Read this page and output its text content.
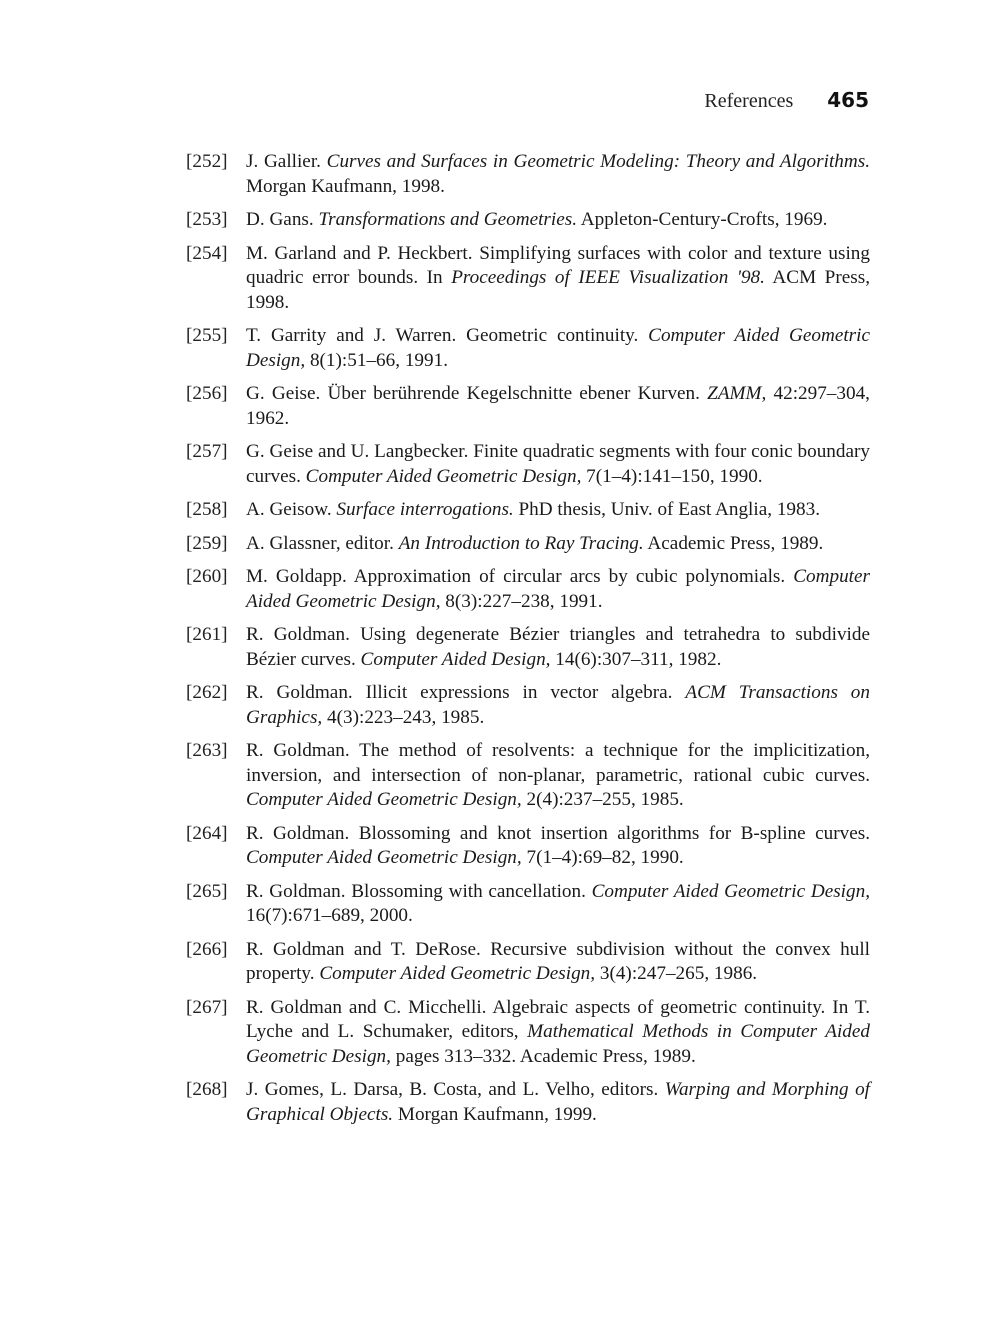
References 465
[252] J. Gallier. Curves and Surfaces in Geometric Modeling: Theory and Algorithms. Morgan Kaufmann, 1998.
[253] D. Gans. Transformations and Geometries. Appleton-Century-Crofts, 1969.
[254] M. Garland and P. Heckbert. Simplifying surfaces with color and texture using quadric error bounds. In Proceedings of IEEE Visualization '98. ACM Press, 1998.
[255] T. Garrity and J. Warren. Geometric continuity. Computer Aided Geometric Design, 8(1):51–66, 1991.
[256] G. Geise. Über berührende Kegelschnitte ebener Kurven. ZAMM, 42:297–304, 1962.
[257] G. Geise and U. Langbecker. Finite quadratic segments with four conic boundary curves. Computer Aided Geometric Design, 7(1–4):141–150, 1990.
[258] A. Geisow. Surface interrogations. PhD thesis, Univ. of East Anglia, 1983.
[259] A. Glassner, editor. An Introduction to Ray Tracing. Academic Press, 1989.
[260] M. Goldapp. Approximation of circular arcs by cubic polynomials. Computer Aided Geometric Design, 8(3):227–238, 1991.
[261] R. Goldman. Using degenerate Bézier triangles and tetrahedra to subdivide Bézier curves. Computer Aided Design, 14(6):307–311, 1982.
[262] R. Goldman. Illicit expressions in vector algebra. ACM Transactions on Graphics, 4(3):223–243, 1985.
[263] R. Goldman. The method of resolvents: a technique for the implicitization, inversion, and intersection of non-planar, parametric, rational cubic curves. Computer Aided Geometric Design, 2(4):237–255, 1985.
[264] R. Goldman. Blossoming and knot insertion algorithms for B-spline curves. Computer Aided Geometric Design, 7(1–4):69–82, 1990.
[265] R. Goldman. Blossoming with cancellation. Computer Aided Geometric Design, 16(7):671–689, 2000.
[266] R. Goldman and T. DeRose. Recursive subdivision without the convex hull property. Computer Aided Geometric Design, 3(4):247–265, 1986.
[267] R. Goldman and C. Micchelli. Algebraic aspects of geometric continuity. In T. Lyche and L. Schumaker, editors, Mathematical Methods in Computer Aided Geometric Design, pages 313–332. Academic Press, 1989.
[268] J. Gomes, L. Darsa, B. Costa, and L. Velho, editors. Warping and Morphing of Graphical Objects. Morgan Kaufmann, 1999.
